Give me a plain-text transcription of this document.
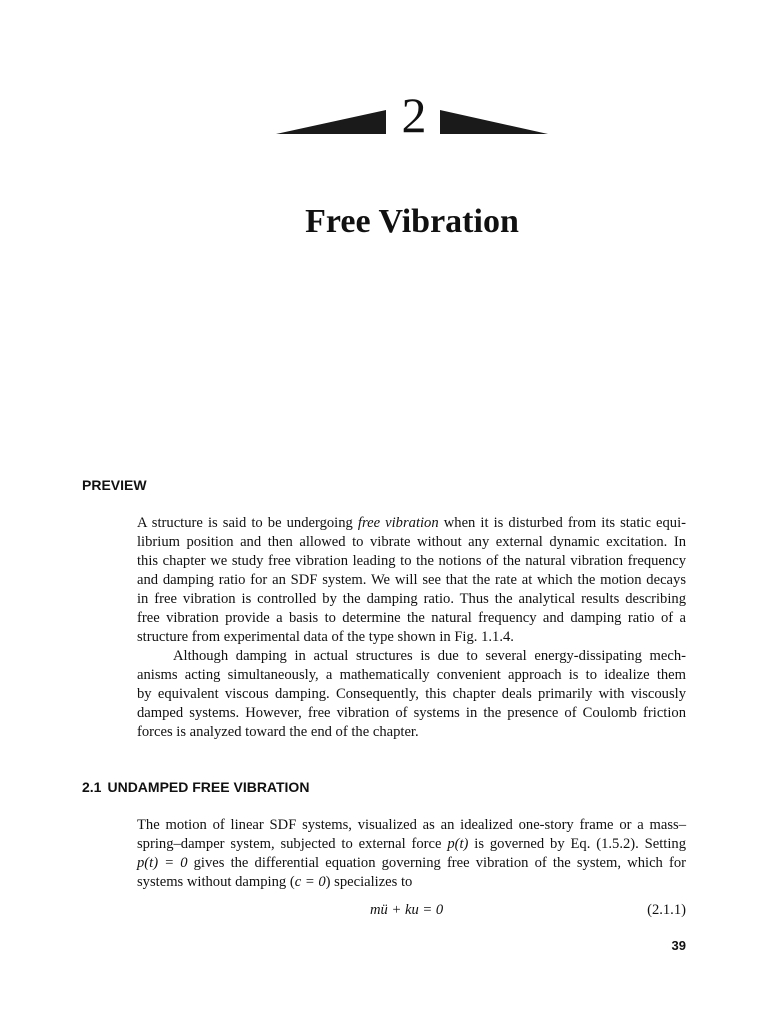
2
Free Vibration
PREVIEW
A structure is said to be undergoing free vibration when it is disturbed from its static equi-
librium position and then allowed to vibrate without any external dynamic excitation. In
this chapter we study free vibration leading to the notions of the natural vibration frequency
and damping ratio for an SDF system. We will see that the rate at which the motion decays
in free vibration is controlled by the damping ratio. Thus the analytical results describing
free vibration provide a basis to determine the natural frequency and damping ratio of a
structure from experimental data of the type shown in Fig. 1.1.4.
Although damping in actual structures is due to several energy-dissipating mech-
anisms acting simultaneously, a mathematically convenient approach is to idealize them
by equivalent viscous damping. Consequently, this chapter deals primarily with viscously
damped systems. However, free vibration of systems in the presence of Coulomb friction
forces is analyzed toward the end of the chapter.
2.1 UNDAMPED FREE VIBRATION
The motion of linear SDF systems, visualized as an idealized one-story frame or a mass–
spring–damper system, subjected to external force p(t) is governed by Eq. (1.5.2). Setting
p(t) = 0 gives the differential equation governing free vibration of the system, which for
systems without damping (c = 0) specializes to
mü + ku = 0	(2.1.1)
39
